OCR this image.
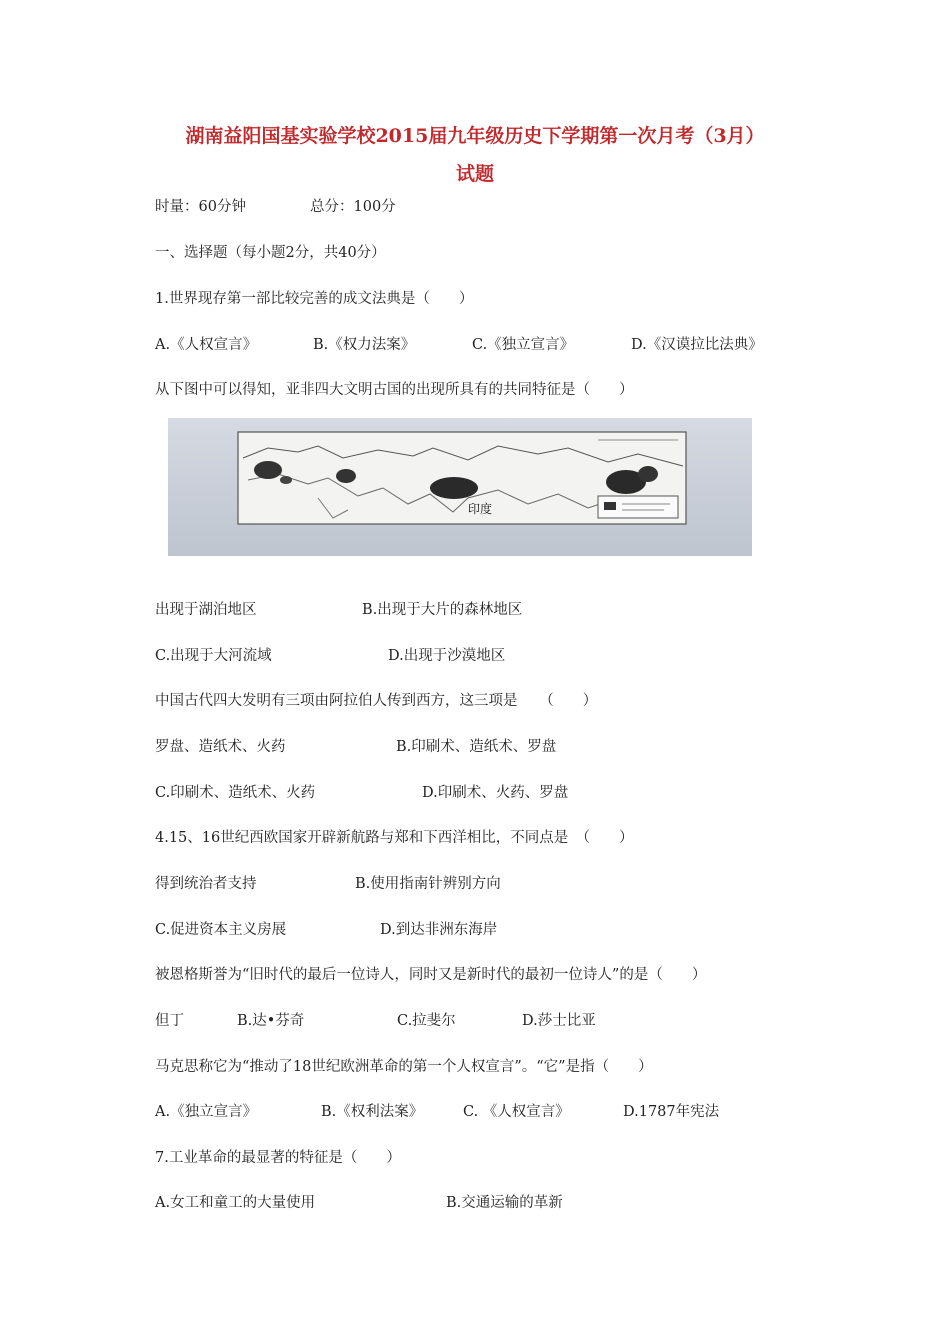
湖南益阳国基实验学校2015届九年级历史下学期第一次月考（3月）
试题

时量：60分钟	总分：100分

一、选择题（每小题2分，共40分）

1.世界现存第一部比较完善的成文法典是（　　）

A.《人权宣言》	B.《权力法案》	C.《独立宣言》	D.《汉谟拉比法典》

从下图中可以得知，亚非四大文明古国的出现所具有的共同特征是（　　）

印度

出现于湖泊地区	B.出现于大片的森林地区

C.出现于大河流域	D.出现于沙漠地区

中国古代四大发明有三项由阿拉伯人传到西方，这三项是　　（　　）

罗盘、造纸术、火药	B.印刷术、造纸术、罗盘

C.印刷术、造纸术、火药	D.印刷术、火药、罗盘

4.15、16世纪西欧国家开辟新航路与郑和下西洋相比，不同点是　（　　）

得到统治者支持	B.使用指南针辨别方向

C.促进资本主义房展	D.到达非洲东海岸

被恩格斯誉为“旧时代的最后一位诗人，同时又是新时代的最初一位诗人”的是（　　）

但丁	B.达•芬奇	C.拉斐尔	D.莎士比亚

马克思称它为“推动了18世纪欧洲革命的第一个人权宣言”。“它”是指（　　）

A.《独立宣言》	B.《权利法案》	C. 《人权宣言》	D.1787年宪法

7.工业革命的最显著的特征是（　　）

A.女工和童工的大量使用	B.交通运输的革新
